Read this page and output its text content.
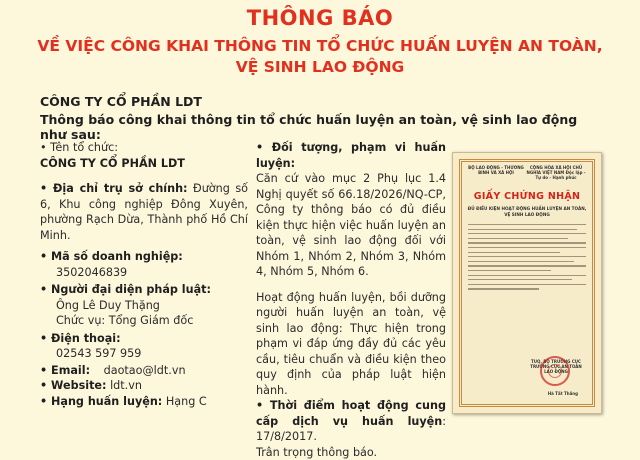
THÔNG BÁO
VỀ VIỆC CÔNG KHAI THÔNG TIN TỔ CHỨC HUẤN LUYỆN AN TOÀN,
VỆ SINH LAO ĐỘNG
CÔNG TY CỔ PHẦN LDT
Thông báo công khai thông tin tổ chức huấn luyện an toàn, vệ sinh lao động như sau:
• Tên tổ chức:
CÔNG TY CỔ PHẦN LDT
• Địa chỉ trụ sở chính: Đường số 6, Khu công nghiệp Đông Xuyên, phường Rạch Dừa, Thành phố Hồ Chí Minh.
• Mã số doanh nghiệp:
3502046839
• Người đại diện pháp luật:
Ông Lê Duy Thặng
Chức vụ: Tổng Giám đốc
• Điện thoại:
02543 597 959
• Email: daotao@ldt.vn
• Website: ldt.vn
• Hạng huấn luyện: Hạng C
• Đối tượng, phạm vi huấn luyện:
Căn cứ vào mục 2 Phụ lục 1.4 Nghị quyết số 66.18/2026/NQ-CP, Công ty thông báo có đủ điều kiện thực hiện việc huấn luyện an toàn, vệ sinh lao động đối với Nhóm 1, Nhóm 2, Nhóm 3, Nhóm 4, Nhóm 5, Nhóm 6.
Hoạt động huấn luyện, bồi dưỡng người huấn luyện an toàn, vệ sinh lao động: Thực hiện trong phạm vi đáp ứng đầy đủ các yêu cầu, tiêu chuẩn và điều kiện theo quy định của pháp luật hiện hành.
• Thời điểm hoạt động cung cấp dịch vụ huấn luyện: 17/8/2017.
Trân trọng thông báo.
BỘ LAO ĐỘNG - THƯƠNG BINH VÀ XÃ HỘI
CỘNG HÒA XÃ HỘI CHỦ NGHĨA VIỆT NAM Độc lập - Tự do - Hạnh phúc
GIẤY CHỨNG NHẬN
ĐỦ ĐIỀU KIỆN HOẠT ĐỘNG HUẤN LUYỆN AN TOÀN, VỆ SINH LAO ĐỘNG
TUQ. BỘ TRƯỞNG CỤC TRƯỞNG CỤC AN TOÀN LAO ĐỘNG
Hà Tất Thắng
